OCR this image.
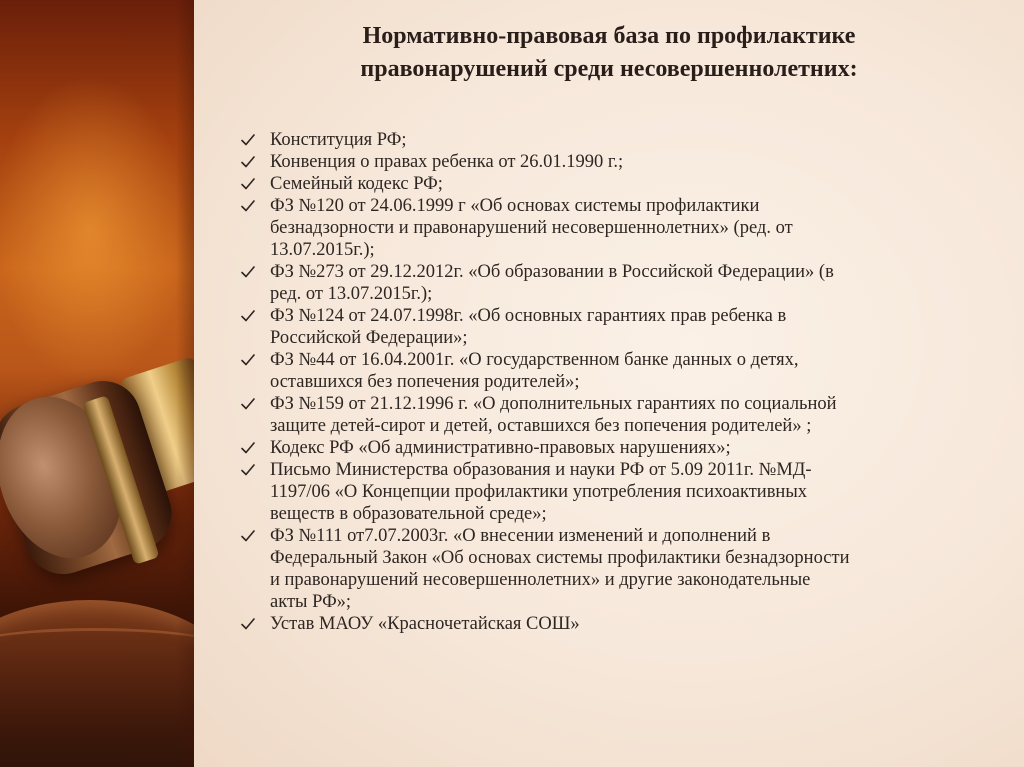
Нормативно-правовая база по профилактике
правонарушений среди несовершеннолетних:
Конституция РФ;
Конвенция о правах ребенка от 26.01.1990 г.;
Семейный кодекс РФ;
ФЗ №120 от 24.06.1999 г «Об основах системы профилактики
безнадзорности и правонарушений несовершеннолетних» (ред. от
13.07.2015г.);
ФЗ №273 от 29.12.2012г. «Об образовании в Российской Федерации» (в
ред. от 13.07.2015г.);
ФЗ №124 от 24.07.1998г. «Об основных гарантиях прав ребенка в
Российской Федерации»;
ФЗ №44 от 16.04.2001г. «О государственном банке данных о детях,
оставшихся без попечения родителей»;
ФЗ №159 от 21.12.1996 г. «О дополнительных гарантиях по социальной
защите детей-сирот и детей, оставшихся без попечения родителей» ;
Кодекс РФ «Об административно-правовых нарушениях»;
Письмо Министерства образования и науки РФ от 5.09 2011г. №МД-
1197/06 «О Концепции профилактики употребления психоактивных
веществ в образовательной среде»;
ФЗ №111 от7.07.2003г. «О внесении изменений и дополнений в
Федеральный Закон «Об основах системы профилактики безнадзорности
и правонарушений несовершеннолетних» и другие законодательные
акты РФ»;
Устав МАОУ «Красночетайская СОШ»
